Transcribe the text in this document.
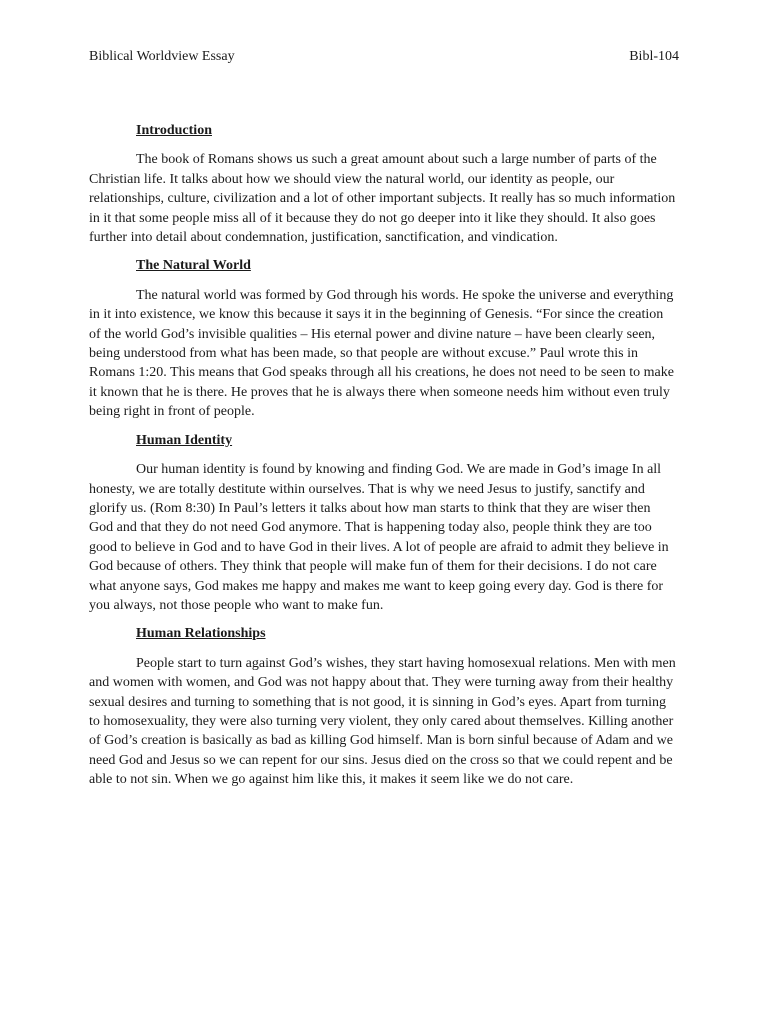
Biblical Worldview Essay	Bibl-104
Introduction
The book of Romans shows us such a great amount about such a large number of parts of the Christian life. It talks about how we should view the natural world, our identity as people, our relationships, culture, civilization and a lot of other important subjects. It really has so much information in it that some people miss all of it because they do not go deeper into it like they should. It also goes further into detail about condemnation, justification, sanctification, and vindication.
The Natural World
The natural world was formed by God through his words. He spoke the universe and everything in it into existence, we know this because it says it in the beginning of Genesis. “For since the creation of the world God’s invisible qualities – His eternal power and divine nature – have been clearly seen, being understood from what has been made, so that people are without excuse.” Paul wrote this in Romans 1:20. This means that God speaks through all his creations, he does not need to be seen to make it known that he is there. He proves that he is always there when someone needs him without even truly being right in front of people.
Human Identity
Our human identity is found by knowing and finding God. We are made in God’s image In all honesty, we are totally destitute within ourselves. That is why we need Jesus to justify, sanctify and glorify us. (Rom 8:30) In Paul’s letters it talks about how man starts to think that they are wiser then God and that they do not need God anymore. That is happening today also, people think they are too good to believe in God and to have God in their lives. A lot of people are afraid to admit they believe in God because of others. They think that people will make fun of them for their decisions. I do not care what anyone says, God makes me happy and makes me want to keep going every day. God is there for you always, not those people who want to make fun.
Human Relationships
People start to turn against God’s wishes, they start having homosexual relations. Men with men and women with women, and God was not happy about that. They were turning away from their healthy sexual desires and turning to something that is not good, it is sinning in God’s eyes. Apart from turning to homosexuality, they were also turning very violent, they only cared about themselves. Killing another of God’s creation is basically as bad as killing God himself. Man is born sinful because of Adam and we need God and Jesus so we can repent for our sins. Jesus died on the cross so that we could repent and be able to not sin. When we go against him like this, it makes it seem like we do not care.
